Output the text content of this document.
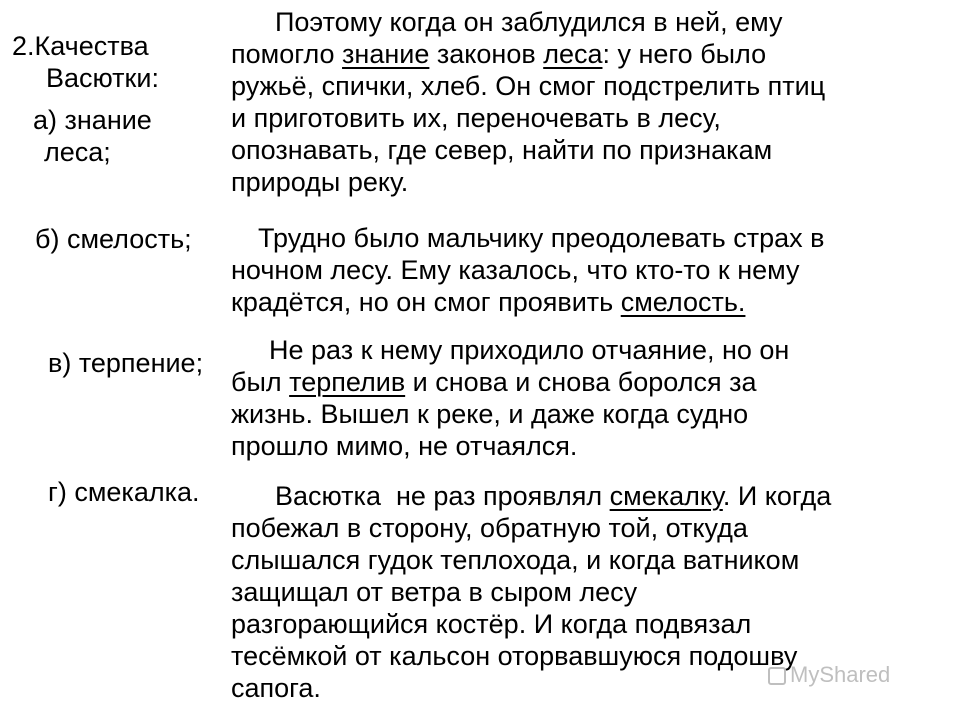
2.Качества
Васютки:
а) знание
леса;
б) смелость;
в) терпение;
г) смекалка.
Поэтому когда он заблудился в ней, ему
помогло знание законов леса: у него было
ружьё, спички, хлеб. Он смог подстрелить птиц
и приготовить их, переночевать в лесу,
опознавать, где север, найти по признакам
природы реку.
Трудно было мальчику преодолевать страх в
ночном лесу. Ему казалось, что кто-то к нему
крадётся, но он смог проявить смелость.
Не раз к нему приходило отчаяние, но он
был терпелив и снова и снова боролся за
жизнь. Вышел к реке, и даже когда судно
прошло мимо, не отчаялся.
Васютка  не раз проявлял смекалку. И когда
побежал в сторону, обратную той, откуда
слышался гудок теплохода, и когда ватником
защищал от ветра в сыром лесу
разгорающийся костёр. И когда подвязал
тесёмкой от кальсон оторвавшуюся подошву
сапога.	MyShared
